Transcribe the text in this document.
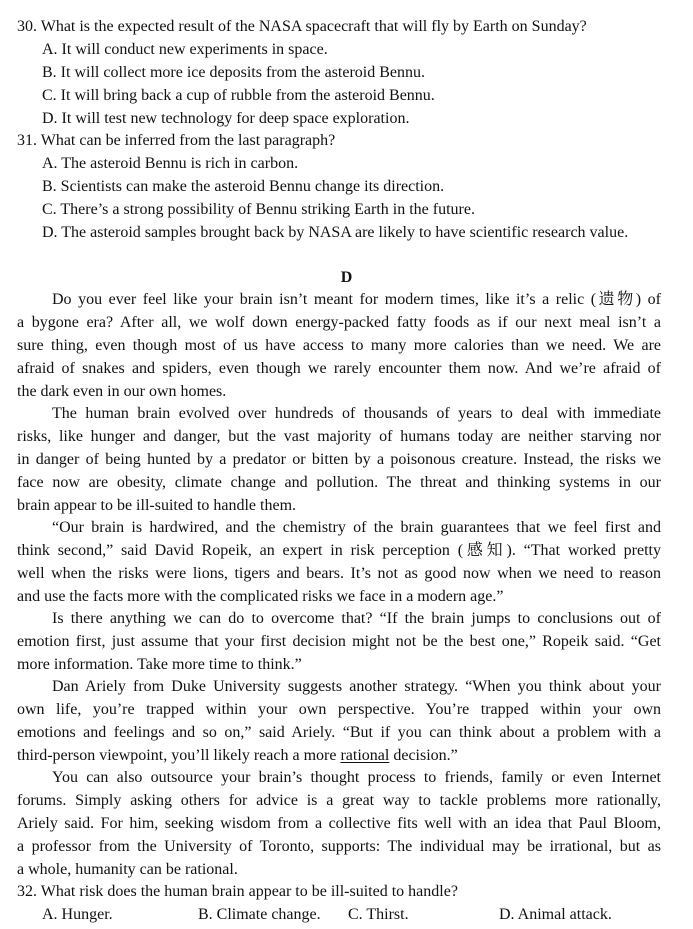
30. What is the expected result of the NASA spacecraft that will fly by Earth on Sunday?
A. It will conduct new experiments in space.
B. It will collect more ice deposits from the asteroid Bennu.
C. It will bring back a cup of rubble from the asteroid Bennu.
D. It will test new technology for deep space exploration.
31. What can be inferred from the last paragraph?
A. The asteroid Bennu is rich in carbon.
B. Scientists can make the asteroid Bennu change its direction.
C. There’s a strong possibility of Bennu striking Earth in the future.
D. The asteroid samples brought back by NASA are likely to have scientific research value.
D
Do you ever feel like your brain isn’t meant for modern times, like it’s a relic (遗物) of
a bygone era? After all, we wolf down energy-packed fatty foods as if our next meal isn’t a
sure thing, even though most of us have access to many more calories than we need. We are
afraid of snakes and spiders, even though we rarely encounter them now. And we’re afraid of
the dark even in our own homes.
The human brain evolved over hundreds of thousands of years to deal with immediate
risks, like hunger and danger, but the vast majority of humans today are neither starving nor
in danger of being hunted by a predator or bitten by a poisonous creature. Instead, the risks we
face now are obesity, climate change and pollution. The threat and thinking systems in our
brain appear to be ill-suited to handle them.
“Our brain is hardwired, and the chemistry of the brain guarantees that we feel first and
think second,” said David Ropeik, an expert in risk perception (感知). “That worked pretty
well when the risks were lions, tigers and bears. It’s not as good now when we need to reason
and use the facts more with the complicated risks we face in a modern age.”
Is there anything we can do to overcome that? “If the brain jumps to conclusions out of
emotion first, just assume that your first decision might not be the best one,” Ropeik said. “Get
more information. Take more time to think.”
Dan Ariely from Duke University suggests another strategy. “When you think about your
own life, you’re trapped within your own perspective. You’re trapped within your own
emotions and feelings and so on,” said Ariely. “But if you can think about a problem with a
third-person viewpoint, you’ll likely reach a more rational decision.”
You can also outsource your brain’s thought process to friends, family or even Internet
forums. Simply asking others for advice is a great way to tackle problems more rationally,
Ariely said. For him, seeking wisdom from a collective fits well with an idea that Paul Bloom,
a professor from the University of Toronto, supports: The individual may be irrational, but as
a whole, humanity can be rational.
32. What risk does the human brain appear to be ill-suited to handle?
A. Hunger.	B. Climate change. C. Thirst.	D. Animal attack.
